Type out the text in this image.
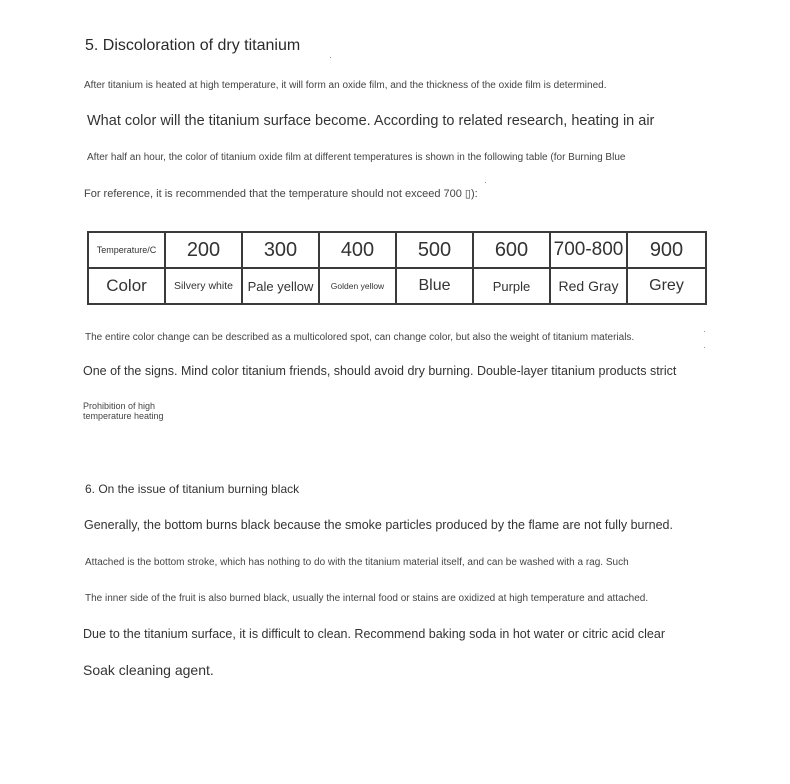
5. Discoloration of dry titanium
After titanium is heated at high temperature, it will form an oxide film, and the thickness of the oxide film is determined.
What color will the titanium surface become. According to related research, heating in air
After half an hour, the color of titanium oxide film at different temperatures is shown in the following table (for Burning Blue
For reference, it is recommended that the temperature should not exceed 700 ▯):
Temperature/C	200	300	400	500	600	700-800	900
Color	Silvery white	Pale yellow	Golden yellow	Blue	Purple	Red Gray	Grey
The entire color change can be described as a multicolored spot, can change color, but also the weight of titanium materials.
One of the signs. Mind color titanium friends, should avoid dry burning. Double-layer titanium products strict
Prohibition of high temperature heating
6. On the issue of titanium burning black
Generally, the bottom burns black because the smoke particles produced by the flame are not fully burned.
Attached is the bottom stroke, which has nothing to do with the titanium material itself, and can be washed with a rag. Such
The inner side of the fruit is also burned black, usually the internal food or stains are oxidized at high temperature and attached.
Due to the titanium surface, it is difficult to clean. Recommend baking soda in hot water or citric acid clear
Soak cleaning agent.
